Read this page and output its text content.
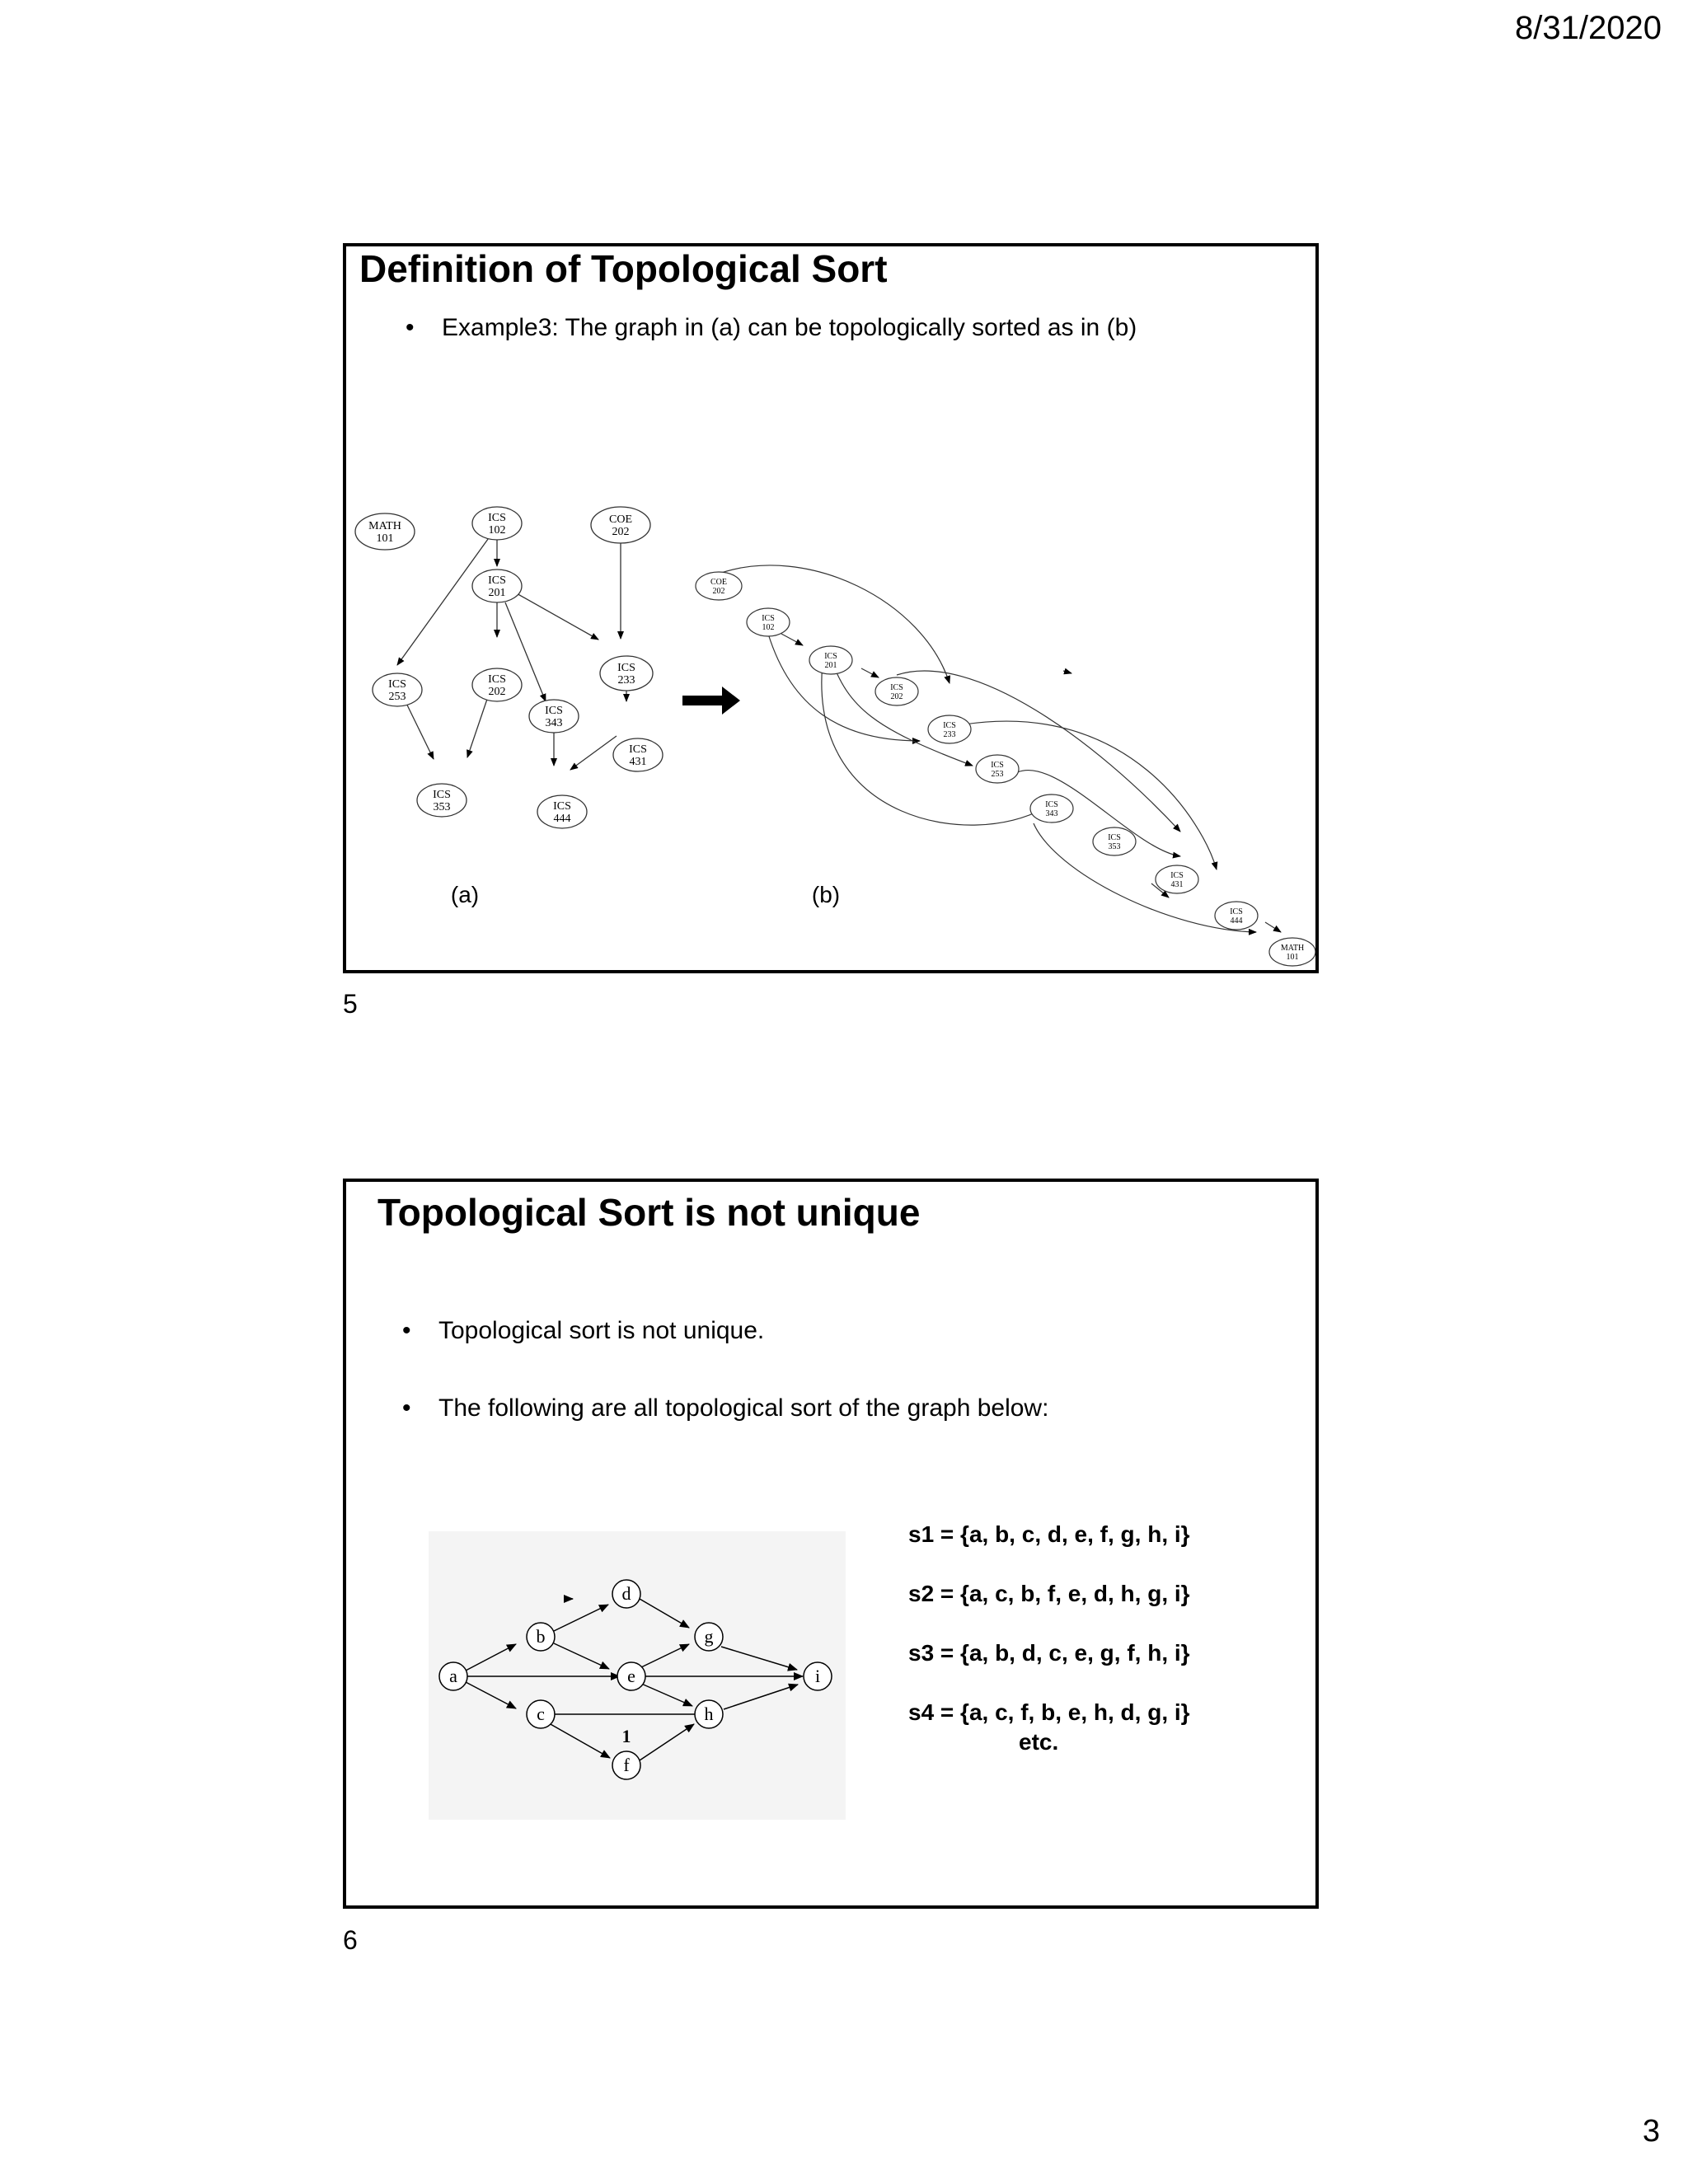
8/31/2020
Definition of Topological Sort
• Example3: The graph in (a) can be topologically sorted as in (b)
MATH
101
ICS
102
COE
202
ICS
201
ICS
253
ICS
202
ICS
233
ICS
343
ICS
431
ICS
353	ICS
444
COE
202
ICS
102
ICS
201
ICS
202
ICS
233
ICS
253
ICS
343
ICS
353
ICS
431
ICS
444
MATH
101
(a)	(b)
5
Topological Sort is not unique
• Topological sort is not unique.
• The following are all topological sort of the graph below:
a
b
c
d
e
f
g
h
i
1
s1 = {a, b, c, d, e, f, g, h, i}
s2 = {a, c, b, f, e, d, h, g, i}
s3 = {a, b, d, c, e, g, f, h, i}
s4 = {a, c, f, b, e, h, d, g, i}
etc.
6
3
